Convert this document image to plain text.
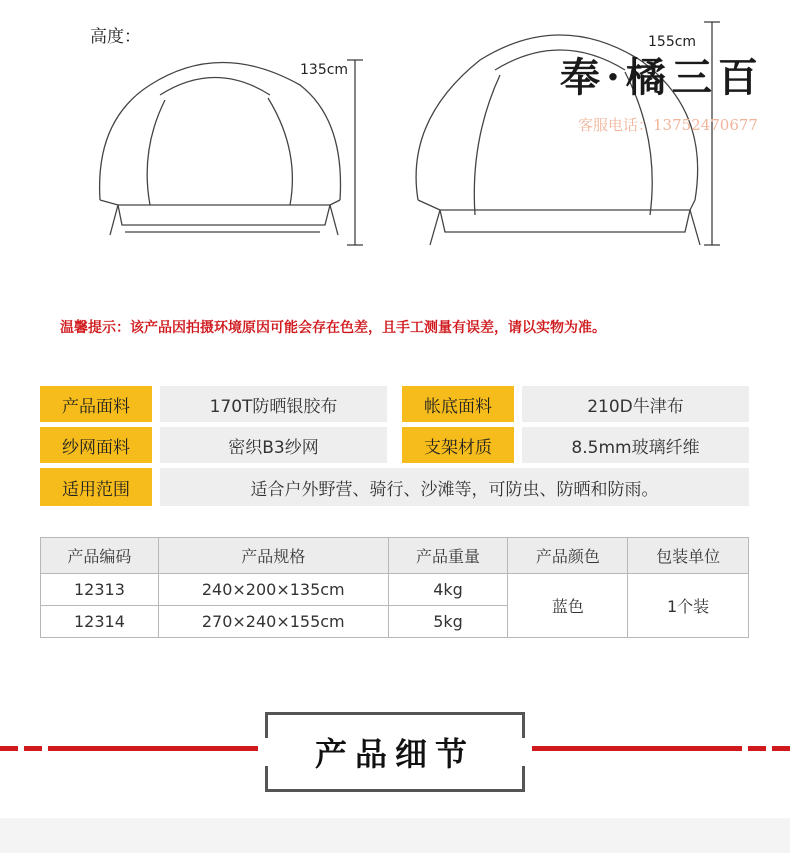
高度：
135cm
155cm
奉·橘三百
客服电话：13752470677
温馨提示：该产品因拍摄环境原因可能会存在色差，且手工测量有误差，请以实物为准。
产品面料	170T防晒银胶布	帐底面料	210D牛津布
纱网面料	密织B3纱网	支架材质	8.5mm玻璃纤维
适用范围	适合户外野营、骑行、沙滩等，可防虫、防晒和防雨。
产品编码	产品规格	产品重量	产品颜色	包装单位
12313	240×200×135cm	4kg	蓝色	1个装
12314	270×240×155cm	5kg		
产品细节
